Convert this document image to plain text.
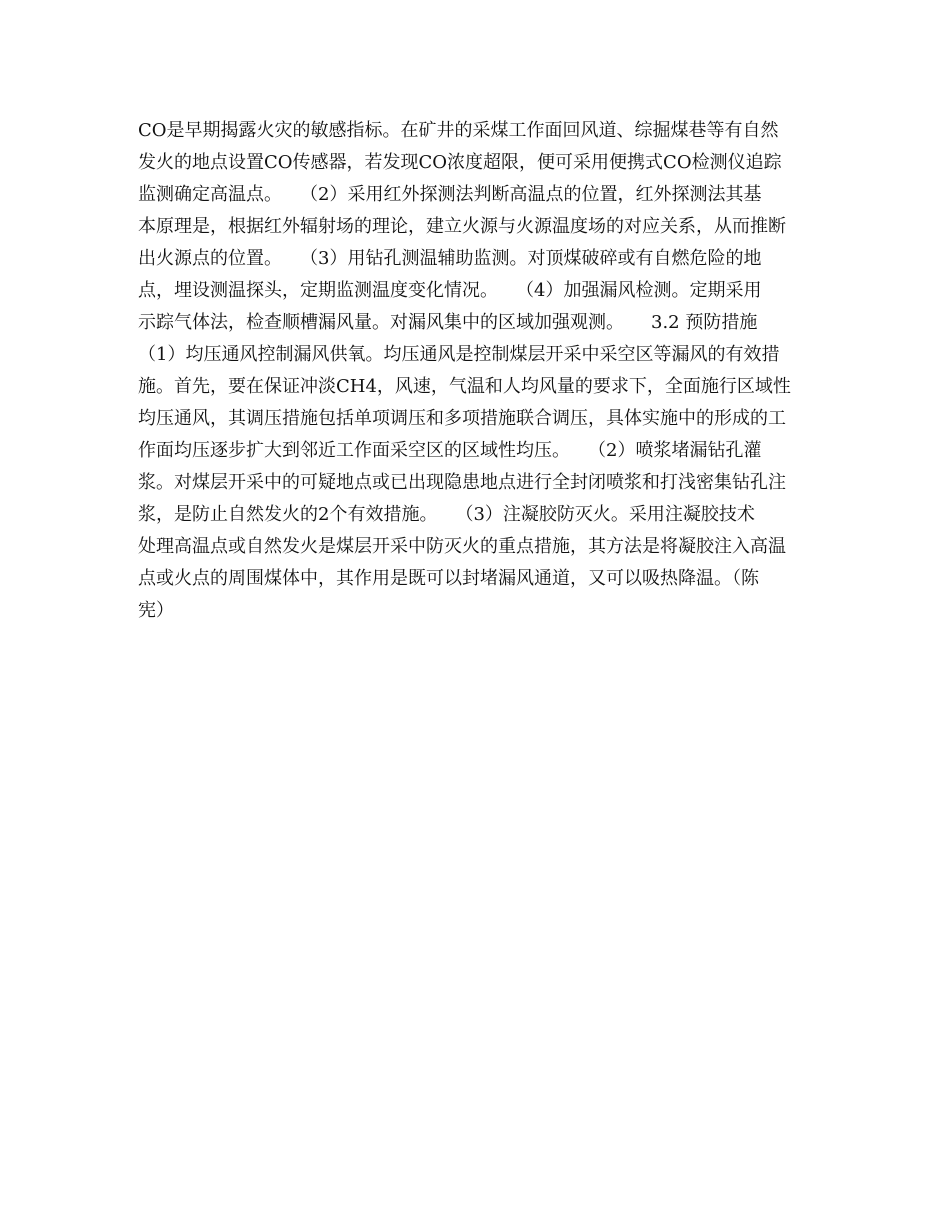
CO是早期揭露火灾的敏感指标。在矿井的采煤工作面回风道、综掘煤巷等有自然
发火的地点设置CO传感器，若发现CO浓度超限，便可采用便携式CO检测仪追踪
监测确定高温点。　　（2）采用红外探测法判断高温点的位置，红外探测法其基
本原理是，根据红外辐射场的理论，建立火源与火源温度场的对应关系，从而推断
出火源点的位置。　　（3）用钻孔测温辅助监测。对顶煤破碎或有自燃危险的地
点，埋设测温探头，定期监测温度变化情况。　　（4）加强漏风检测。定期采用
示踪气体法，检查顺槽漏风量。对漏风集中的区域加强观测。　　3.2 预防措施
（1）均压通风控制漏风供氧。均压通风是控制煤层开采中采空区等漏风的有效措
施。首先，要在保证冲淡CH4，风速，气温和人均风量的要求下，全面施行区域性
均压通风，其调压措施包括单项调压和多项措施联合调压，具体实施中的形成的工
作面均压逐步扩大到邻近工作面采空区的区域性均压。　　（2）喷浆堵漏钻孔灌
浆。对煤层开采中的可疑地点或已出现隐患地点进行全封闭喷浆和打浅密集钻孔注
浆，是防止自然发火的2个有效措施。　　（3）注凝胶防灭火。采用注凝胶技术
处理高温点或自然发火是煤层开采中防灭火的重点措施，其方法是将凝胶注入高温
点或火点的周围煤体中，其作用是既可以封堵漏风通道，又可以吸热降温。（陈
宪）
